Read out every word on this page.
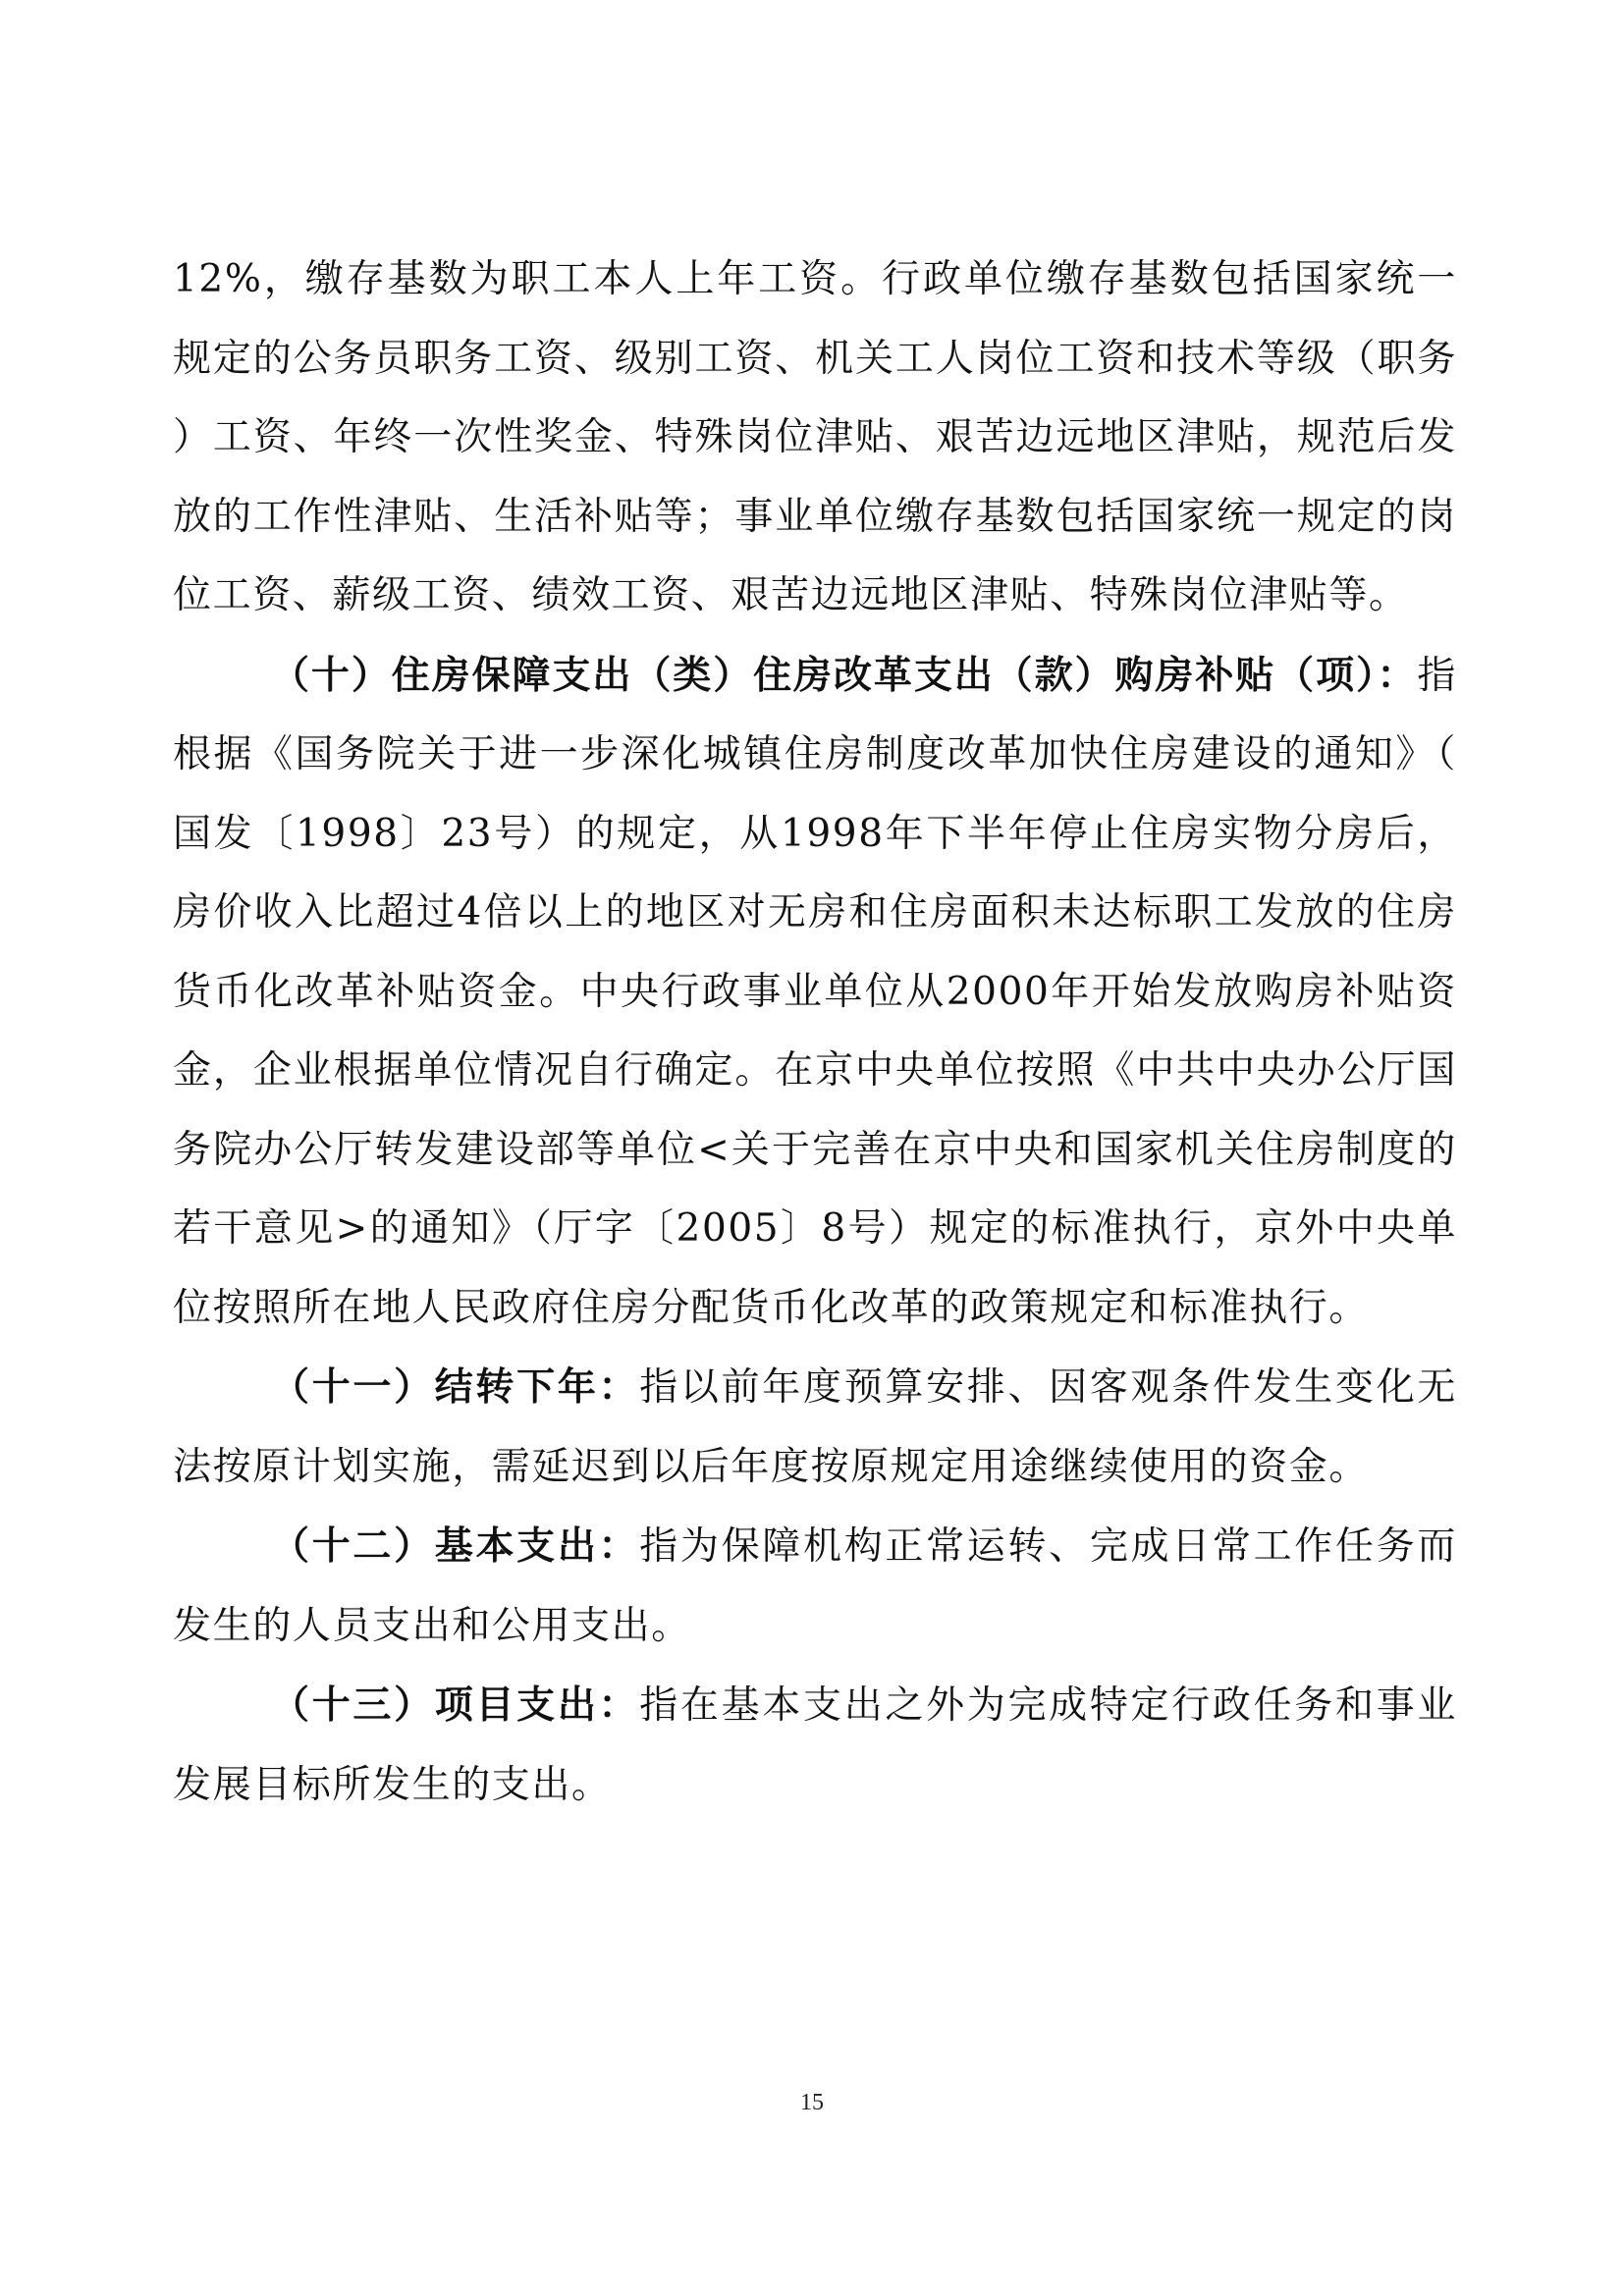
12%，缴存基数为职工本人上年工资。行政单位缴存基数包括国家统一规定的公务员职务工资、级别工资、机关工人岗位工资和技术等级（职务）工资、年终一次性奖金、特殊岗位津贴、艰苦边远地区津贴，规范后发放的工作性津贴、生活补贴等；事业单位缴存基数包括国家统一规定的岗位工资、薪级工资、绩效工资、艰苦边远地区津贴、特殊岗位津贴等。

（十）住房保障支出（类）住房改革支出（款）购房补贴（项）：指根据《国务院关于进一步深化城镇住房制度改革加快住房建设的通知》（国发〔1998〕23号）的规定，从1998年下半年停止住房实物分房后，房价收入比超过4倍以上的地区对无房和住房面积未达标职工发放的住房货币化改革补贴资金。中央行政事业单位从2000年开始发放购房补贴资金，企业根据单位情况自行确定。在京中央单位按照《中共中央办公厅国务院办公厅转发建设部等单位<关于完善在京中央和国家机关住房制度的若干意见>的通知》（厅字〔2005〕8号）规定的标准执行，京外中央单位按照所在地人民政府住房分配货币化改革的政策规定和标准执行。

（十一）结转下年：指以前年度预算安排、因客观条件发生变化无法按原计划实施，需延迟到以后年度按原规定用途继续使用的资金。

（十二）基本支出：指为保障机构正常运转、完成日常工作任务而发生的人员支出和公用支出。

（十三）项目支出：指在基本支出之外为完成特定行政任务和事业发展目标所发生的支出。

15
